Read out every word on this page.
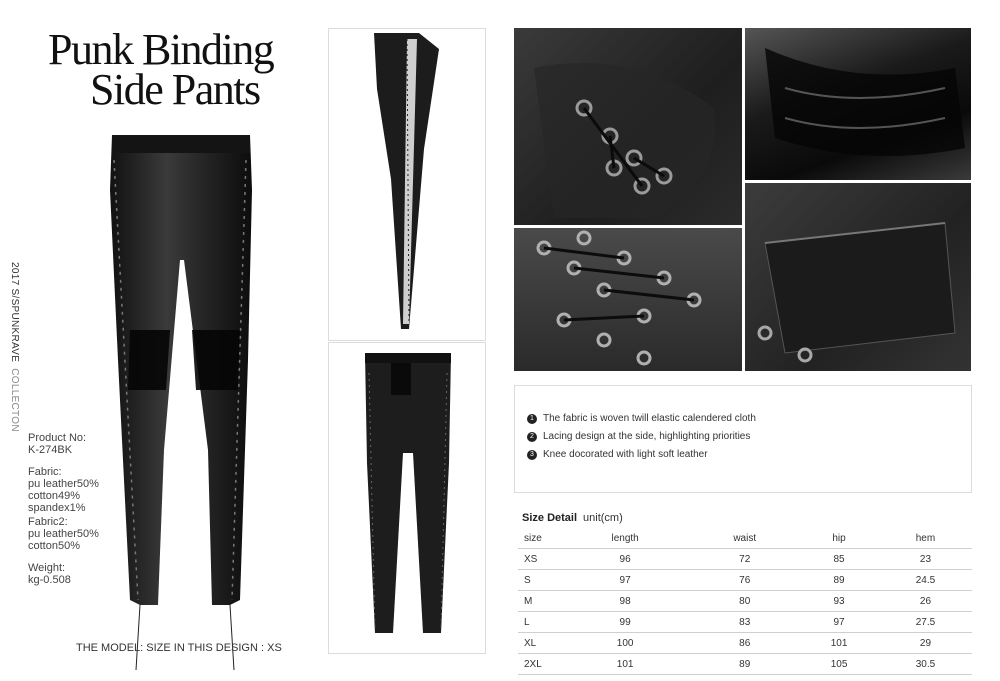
Punk Binding
Side Pants
2017 S/SPUNKRAVECOLLECTON
Product No:
K-274BK
Fabric:
pu leather50%
cotton49%
spandex1%
Fabric2:
pu leather50%
cotton50%
Weight:
kg-0.508
THE MODEL: SIZE IN THIS DESIGN : XS
1 The fabric is woven twill elastic calendered cloth
2 Lacing design at the side, highlighting priorities
3 Knee docorated with light soft leather
Size Detail unit(cm)
size	length	waist	hip	hem
XS	96	72	85	23
S	97	76	89	24.5
M	98	80	93	26
L	99	83	97	27.5
XL	100	86	101	29
2XL	101	89	105	30.5
